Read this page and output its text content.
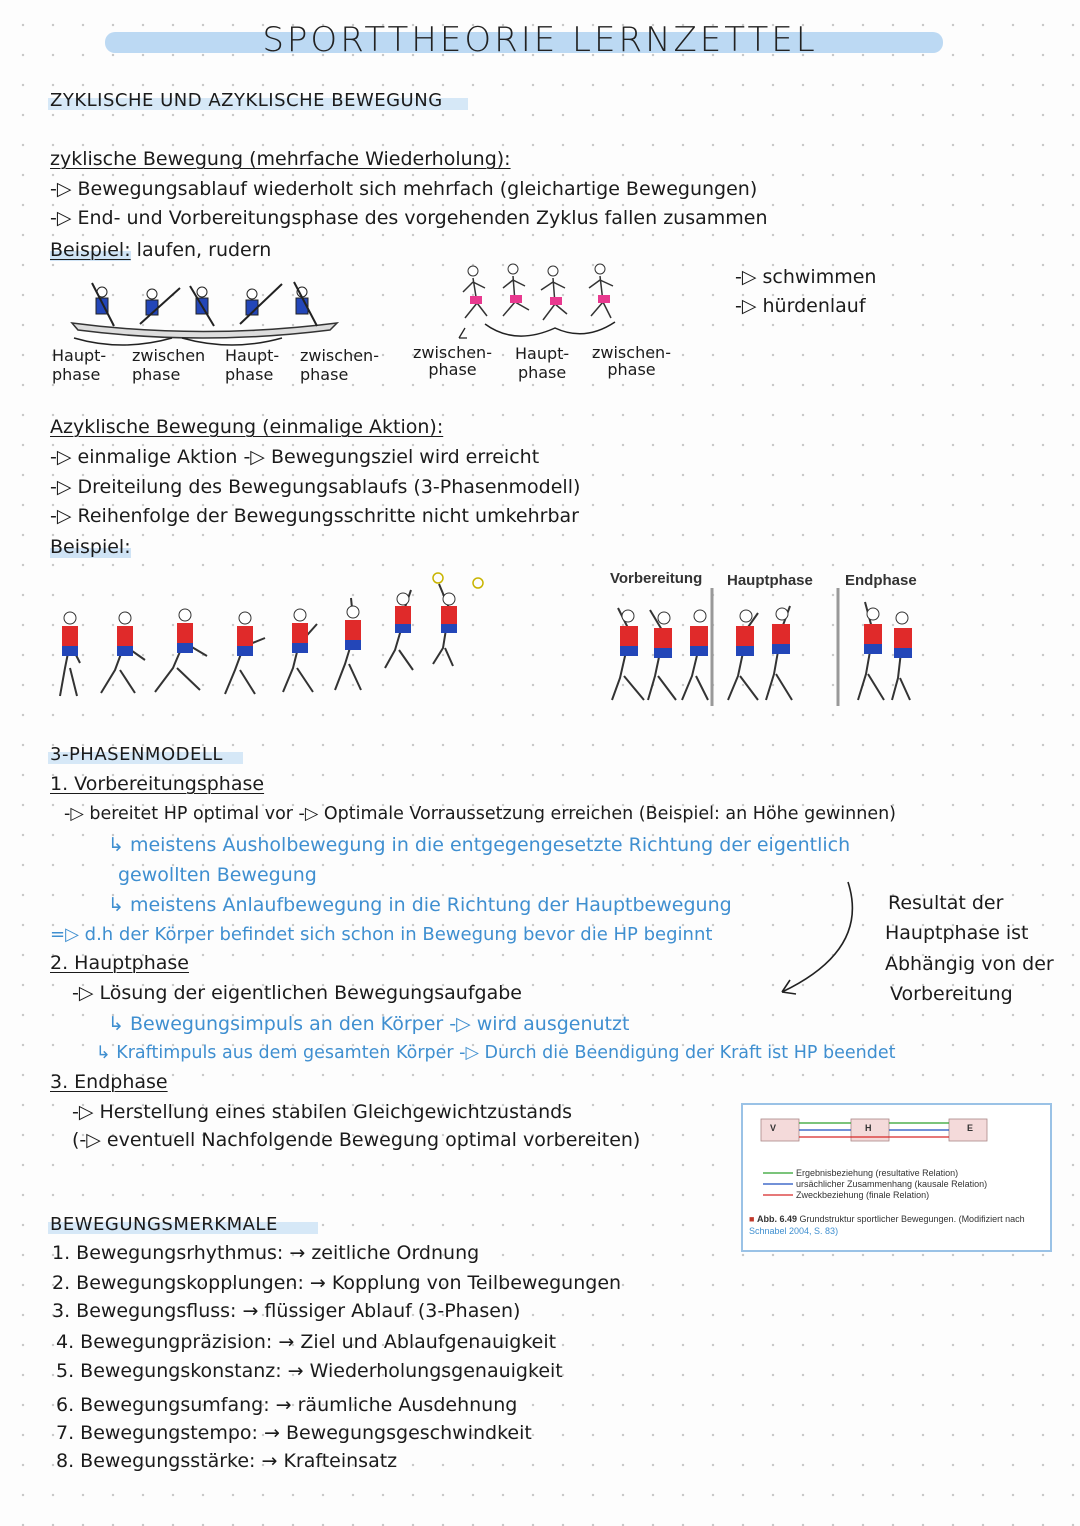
SPORTTHEORIE LERNZETTEL
ZYKLISCHE UND AZYKLISCHE BEWEGUNG
zyklische Bewegung (mehrfache Wiederholung):
-▷ Bewegungsablauf wiederholt sich mehrfach (gleichartige Bewegungen)
-▷ End- und Vorbereitungsphase des vorgehenden Zyklus fallen zusammen
Beispiel: laufen, rudern
-▷ schwimmen
-▷ hürdenlauf
Haupt-
phase
zwischen
phase
Haupt-
phase
zwischen-
phase
zwischen-
phase
Haupt-
phase
zwischen-
phase
Azyklische Bewegung (einmalige Aktion):
-▷ einmalige Aktion -▷ Bewegungsziel wird erreicht
-▷ Dreiteilung des Bewegungsablaufs (3-Phasenmodell)
-▷ Reihenfolge der Bewegungsschritte nicht umkehrbar
Beispiel:
Vorbereitung Hauptphase Endphase
3-PHASENMODELL
1. Vorbereitungsphase
-▷ bereitet HP optimal vor -▷ Optimale Vorraussetzung erreichen (Beispiel: an Höhe gewinnen)
↳ meistens Ausholbewegung in die entgegengesetzte Richtung der eigentlich
gewollten Bewegung
↳ meistens Anlaufbewegung in die Richtung der Hauptbewegung
=▷ d.h der Körper befindet sich schon in Bewegung bevor die HP beginnt
2. Hauptphase
-▷ Lösung der eigentlichen Bewegungsaufgabe
↳ Bewegungsimpuls an den Körper -▷ wird ausgenutzt
↳ Kraftimpuls aus dem gesamten Körper -▷ Durch die Beendigung der Kraft ist HP beendet
3. Endphase
-▷ Herstellung eines stabilen Gleichgewichtzustands
(-▷ eventuell Nachfolgende Bewegung optimal vorbereiten)
Resultat der
Hauptphase ist
Abhängig von der
Vorbereitung
V	H	E
Ergebnisbeziehung (resultative Relation)
ursächlicher Zusammenhang (kausale Relation)
Zweckbeziehung (finale Relation)
■ Abb. 6.49 Grundstruktur sportlicher Bewegungen. (Modifiziert nach
Schnabel 2004, S. 83)
BEWEGUNGSMERKMALE
1. Bewegungsrhythmus: → zeitliche Ordnung
2. Bewegungskopplungen: → Kopplung von Teilbewegungen
3. Bewegungsfluss: → flüssiger Ablauf (3-Phasen)
4. Bewegungpräzision: → Ziel und Ablaufgenauigkeit
5. Bewegungskonstanz: → Wiederholungsgenauigkeit
6. Bewegungsumfang: → räumliche Ausdehnung
7. Bewegungstempo: → Bewegungsgeschwindkeit
8. Bewegungsstärke: → Krafteinsatz
